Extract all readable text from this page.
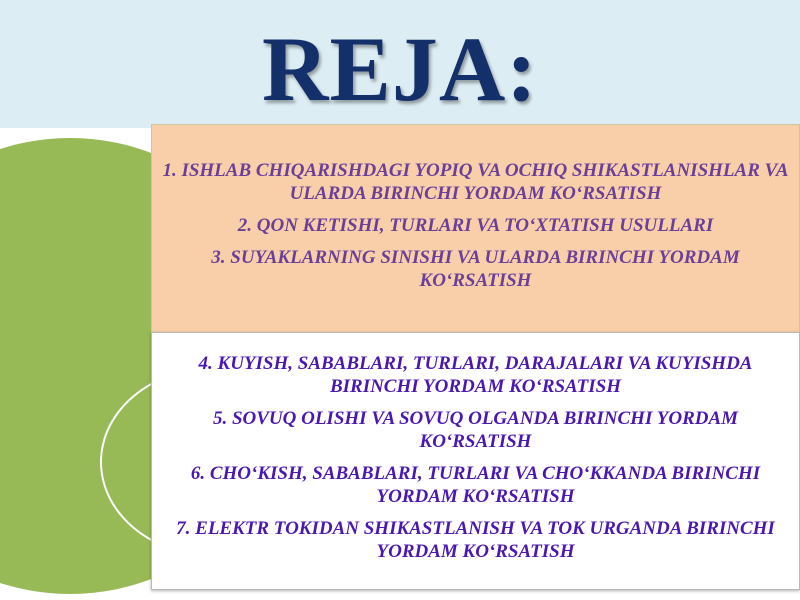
REJA:
1. ISHLAB CHIQARISHDAGI YOPIQ VA OCHIQ SHIKASTLANISHLAR VA ULARDA BIRINCHI YORDAM KO‘RSATISH
2. QON KETISHI, TURLARI VA TO‘XTATISH USULLARI
3. SUYAKLARNING SINISHI VA ULARDA BIRINCHI YORDAM KO‘RSATISH
4. KUYISH, SABABLARI, TURLARI, DARAJALARI VA KUYISHDA BIRINCHI YORDAM KO‘RSATISH
5. SOVUQ OLISHI VA SOVUQ OLGANDA BIRINCHI YORDAM KO‘RSATISH
6. CHO‘KISH, SABABLARI, TURLARI VA CHO‘KKANDA BIRINCHI YORDAM KO‘RSATISH
7. ELEKTR TOKIDAN SHIKASTLANISH VA TOK URGANDA BIRINCHI YORDAM KO‘RSATISH
